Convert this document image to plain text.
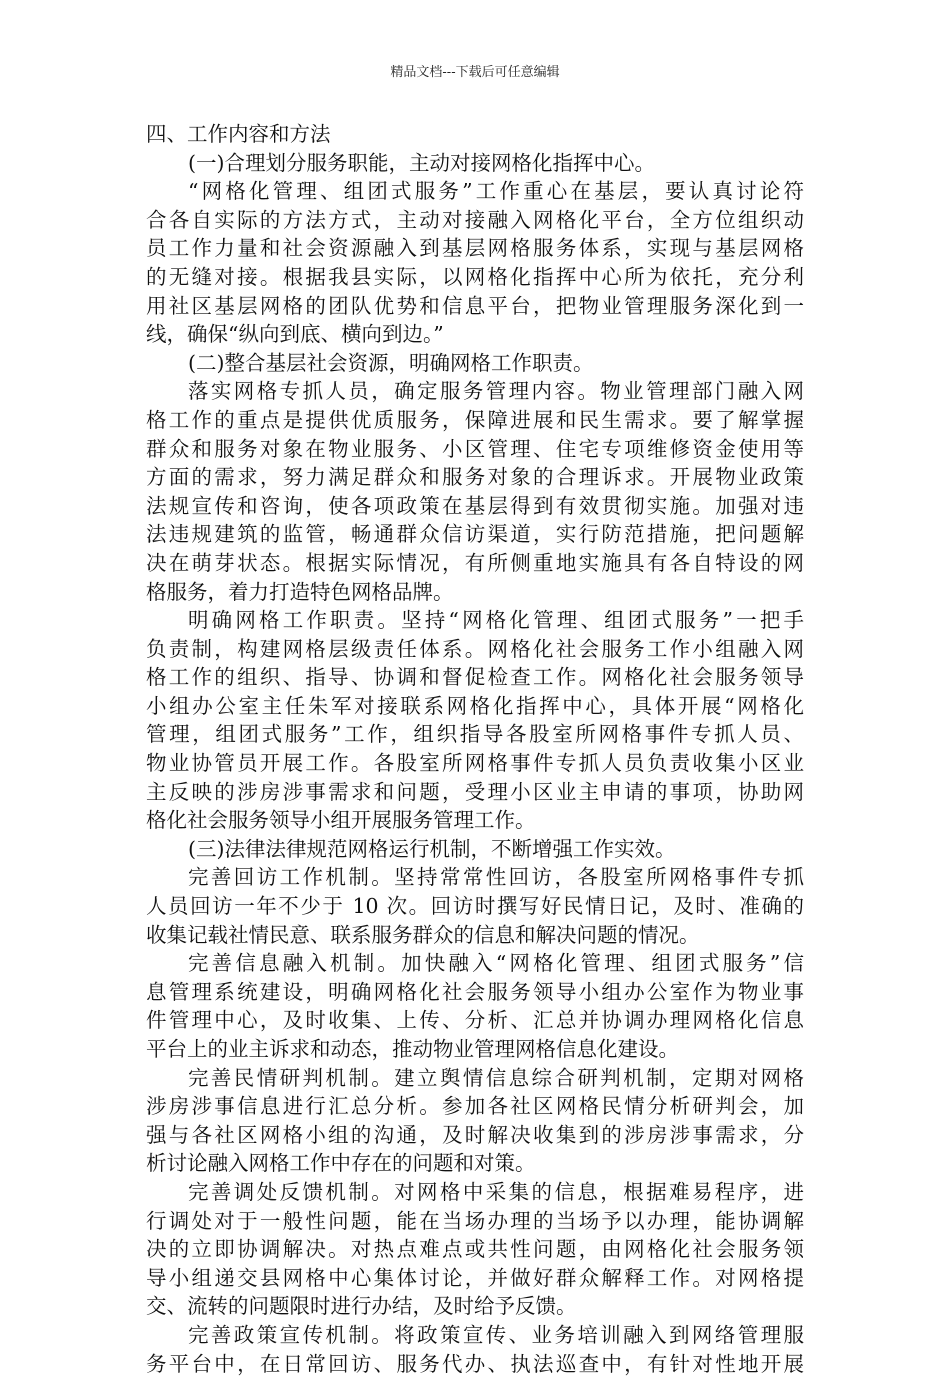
精品文档---下载后可任意编辑
四、工作内容和方法
(一)合理划分服务职能，主动对接网格化指挥中心。
“网格化管理、组团式服务”工作重心在基层，要认真讨论符
合各自实际的方法方式，主动对接融入网格化平台，全方位组织动
员工作力量和社会资源融入到基层网格服务体系，实现与基层网格
的无缝对接。根据我县实际，以网格化指挥中心所为依托，充分利
用社区基层网格的团队优势和信息平台，把物业管理服务深化到一
线，确保“纵向到底、横向到边。”
(二)整合基层社会资源，明确网格工作职责。
落实网格专抓人员，确定服务管理内容。物业管理部门融入网
格工作的重点是提供优质服务，保障进展和民生需求。要了解掌握
群众和服务对象在物业服务、小区管理、住宅专项维修资金使用等
方面的需求，努力满足群众和服务对象的合理诉求。开展物业政策
法规宣传和咨询，使各项政策在基层得到有效贯彻实施。加强对违
法违规建筑的监管，畅通群众信访渠道，实行防范措施，把问题解
决在萌芽状态。根据实际情况，有所侧重地实施具有各自特设的网
格服务，着力打造特色网格品牌。
明确网格工作职责。坚持“网格化管理、组团式服务”一把手
负责制，构建网格层级责任体系。网格化社会服务工作小组融入网
格工作的组织、指导、协调和督促检查工作。网格化社会服务领导
小组办公室主任朱军对接联系网格化指挥中心，具体开展“网格化
管理，组团式服务”工作，组织指导各股室所网格事件专抓人员、
物业协管员开展工作。各股室所网格事件专抓人员负责收集小区业
主反映的涉房涉事需求和问题，受理小区业主申请的事项，协助网
格化社会服务领导小组开展服务管理工作。
(三)法律法律规范网格运行机制，不断增强工作实效。
完善回访工作机制。坚持常常性回访，各股室所网格事件专抓
人员回访一年不少于 10 次。回访时撰写好民情日记，及时、准确的
收集记载社情民意、联系服务群众的信息和解决问题的情况。
完善信息融入机制。加快融入“网格化管理、组团式服务”信
息管理系统建设，明确网格化社会服务领导小组办公室作为物业事
件管理中心，及时收集、上传、分析、汇总并协调办理网格化信息
平台上的业主诉求和动态，推动物业管理网格信息化建设。
完善民情研判机制。建立舆情信息综合研判机制，定期对网格
涉房涉事信息进行汇总分析。参加各社区网格民情分析研判会，加
强与各社区网格小组的沟通，及时解决收集到的涉房涉事需求，分
析讨论融入网格工作中存在的问题和对策。
完善调处反馈机制。对网格中采集的信息，根据难易程序，进
行调处对于一般性问题，能在当场办理的当场予以办理，能协调解
决的立即协调解决。对热点难点或共性问题，由网格化社会服务领
导小组递交县网格中心集体讨论，并做好群众解释工作。对网格提
交、流转的问题限时进行办结，及时给予反馈。
完善政策宣传机制。将政策宣传、业务培训融入到网络管理服
务平台中，在日常回访、服务代办、执法巡查中，有针对性地开展
